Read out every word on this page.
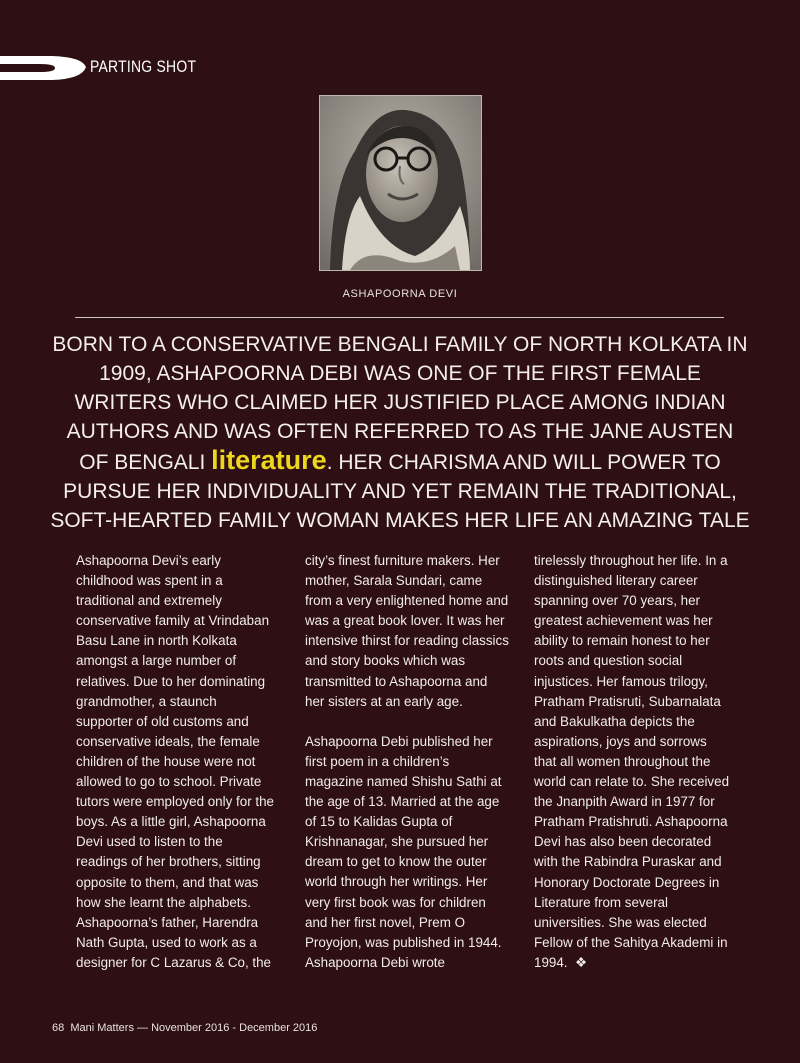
PARTING SHOT
ASHAPOORNA DEVI
BORN TO A CONSERVATIVE BENGALI FAMILY OF NORTH KOLKATA IN 1909, ASHAPOORNA DEBI WAS ONE OF THE FIRST FEMALE WRITERS WHO CLAIMED HER JUSTIFIED PLACE AMONG INDIAN AUTHORS AND WAS OFTEN REFERRED TO AS THE JANE AUSTEN OF BENGALI literature. HER CHARISMA AND WILL POWER TO PURSUE HER INDIVIDUALITY AND YET REMAIN THE TRADITIONAL, SOFT-HEARTED FAMILY WOMAN MAKES HER LIFE AN AMAZING TALE

Ashapoorna Devi’s early childhood was spent in a traditional and extremely conservative family at Vrindaban Basu Lane in north Kolkata amongst a large number of relatives. Due to her dominating grandmother, a staunch supporter of old customs and conservative ideals, the female children of the house were not allowed to go to school. Private tutors were employed only for the boys. As a little girl, Ashapoorna Devi used to listen to the readings of her brothers, sitting opposite to them, and that was how she learnt the alphabets. Ashapoorna’s father, Harendra Nath Gupta, used to work as a designer for C Lazarus & Co, the

city’s finest furniture makers. Her mother, Sarala Sundari, came from a very enlightened home and was a great book lover. It was her intensive thirst for reading classics and story books which was transmitted to Ashapoorna and her sisters at an early age.

Ashapoorna Debi published her first poem in a children’s magazine named Shishu Sathi at the age of 13. Married at the age of 15 to Kalidas Gupta of Krishnanagar, she pursued her dream to get to know the outer world through her writings. Her very first book was for children and her first novel, Prem O Proyojon, was published in 1944. Ashapoorna Debi wrote

tirelessly throughout her life. In a distinguished literary career spanning over 70 years, her greatest achievement was her ability to remain honest to her roots and question social injustices. Her famous trilogy, Pratham Pratisruti, Subarnalata and Bakulkatha depicts the aspirations, joys and sorrows that all women throughout the world can relate to. She received the Jnanpith Award in 1977 for Pratham Pratishruti. Ashapoorna Devi has also been decorated with the Rabindra Puraskar and Honorary Doctorate Degrees in Literature from several universities. She was elected Fellow of the Sahitya Akademi in 1994. ❖

68 Mani Matters — November 2016 - December 2016
